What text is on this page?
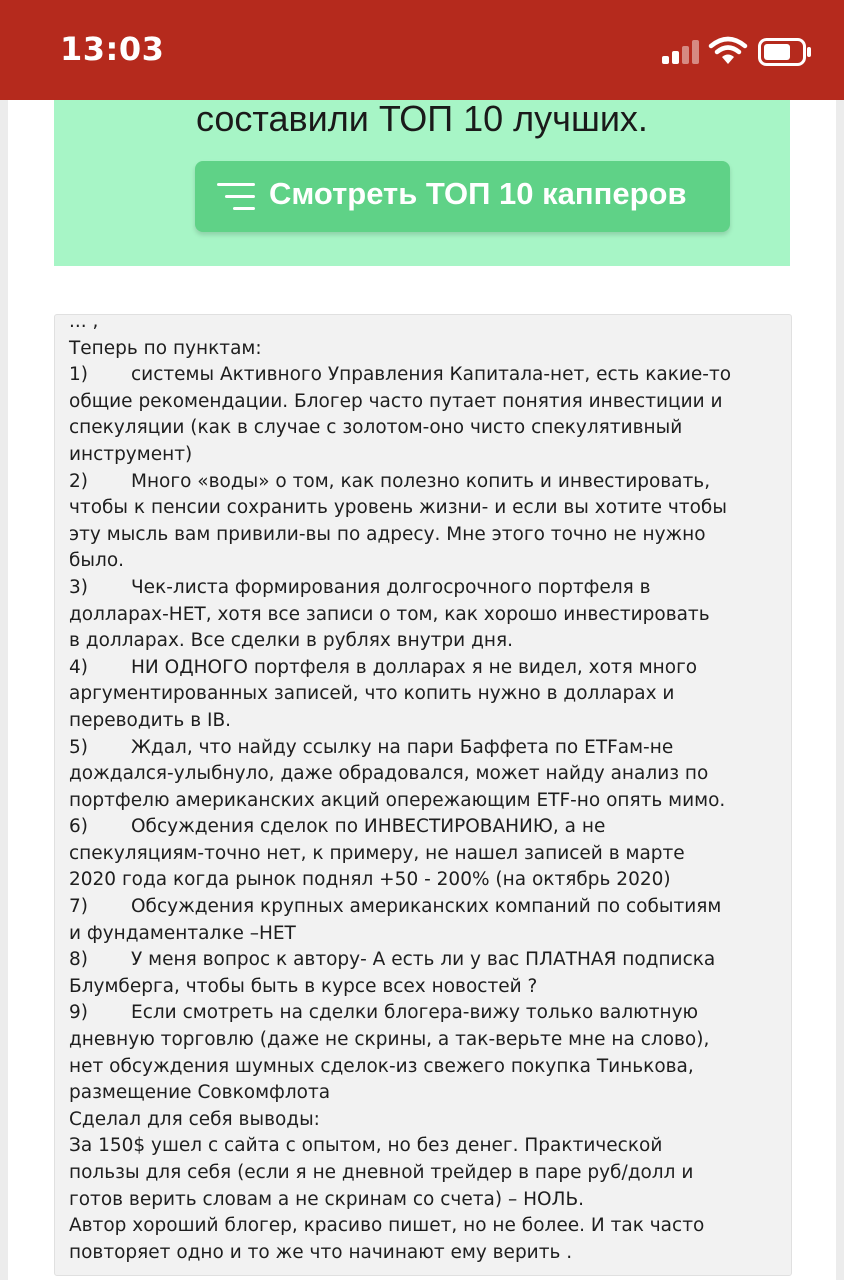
13:03
составили ТОП 10 лучших.
Смотреть ТОП 10 капперов
... ,
Теперь по пунктам:
1) системы Активного Управления Капитала-нет, есть какие-то
общие рекомендации. Блогер часто путает понятия инвестиции и
спекуляции (как в случае с золотом-оно чисто спекулятивный
инструмент)
2) Много «воды» о том, как полезно копить и инвестировать,
чтобы к пенсии сохранить уровень жизни- и если вы хотите чтобы
эту мысль вам привили-вы по адресу. Мне этого точно не нужно
было.
3) Чек-листа формирования долгосрочного портфеля в
долларах-НЕТ, хотя все записи о том, как хорошо инвестировать
в долларах. Все сделки в рублях внутри дня.
4) НИ ОДНОГО портфеля в долларах я не видел, хотя много
аргументированных записей, что копить нужно в долларах и
переводить в IB.
5) Ждал, что найду ссылку на пари Баффета по ETFам-не
дождался-улыбнуло, даже обрадовался, может найду анализ по
портфелю американских акций опережающим ETF-но опять мимо.
6) Обсуждения сделок по ИНВЕСТИРОВАНИЮ, а не
спекуляциям-точно нет, к примеру, не нашел записей в марте
2020 года когда рынок поднял +50 - 200% (на октябрь 2020)
7) Обсуждения крупных американских компаний по событиям
и фундаменталке –НЕТ
8) У меня вопрос к автору- А есть ли у вас ПЛАТНАЯ подписка
Блумберга, чтобы быть в курсе всех новостей ?
9) Если смотреть на сделки блогера-вижу только валютную
дневную торговлю (даже не скрины, а так-верьте мне на слово),
нет обсуждения шумных сделок-из свежего покупка Тинькова,
размещение Совкомфлота
Сделал для себя выводы:
За 150$ ушел с сайта с опытом, но без денег. Практической
пользы для себя (если я не дневной трейдер в паре руб/долл и
готов верить словам а не скринам со счета) – НОЛЬ.
Автор хороший блогер, красиво пишет, но не более. И так часто
повторяет одно и то же что начинают ему верить .
